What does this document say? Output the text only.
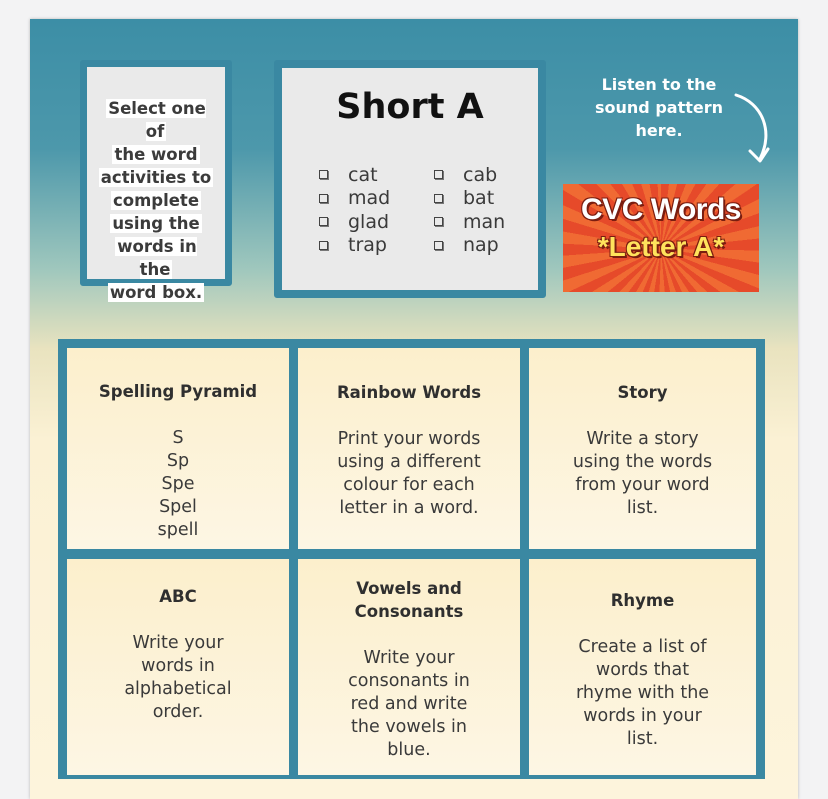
Select one of
the word
activities to
complete
using the
words in the
word box.
Short A
cat
mad
glad
trap
cab
bat
man
nap
Listen to the
sound pattern
here.
CVC Words
*Letter A*
Spelling Pyramid
S
Sp
Spe
Spel
spell
Rainbow Words
Print your words
using a different
colour for each
letter in a word.
Story
Write a story
using the words
from your word
list.
ABC
Write your
words in
alphabetical
order.
Vowels and
Consonants
Write your
consonants in
red and write
the vowels in
blue.
Rhyme
Create a list of
words that
rhyme with the
words in your
list.
